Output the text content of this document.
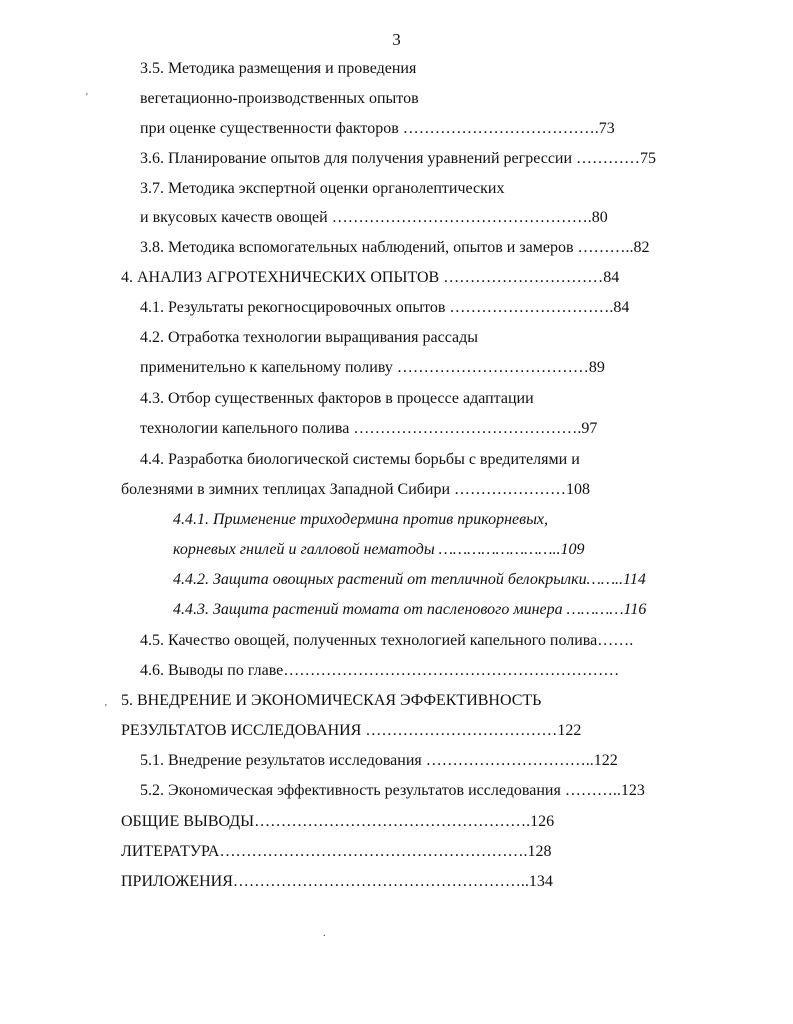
3
'
'
.
3.5. Методика размещения и проведения
вегетационно-производственных опытов
при оценке существенности факторов ……………………………….73
3.6. Планирование опытов для получения уравнений регрессии …………75
3.7. Методика экспертной оценки органолептических
и вкусовых качеств овощей ………………………………………….80
3.8. Методика вспомогательных наблюдений, опытов и замеров ………..82
4. АНАЛИЗ АГРОТЕХНИЧЕСКИХ ОПЫТОВ …………………………84
4.1. Результаты рекогносцировочных опытов ………………………….84
4.2. Отработка технологии выращивания рассады
применительно к капельному поливу ………………………………89
4.3. Отбор существенных факторов в процессе адаптации
технологии капельного полива …………………………………….97
4.4. Разработка биологической системы борьбы с вредителями и
болезнями в зимних теплицах Западной Сибири …………………108
4.4.1. Применение триходермина против прикорневых,
корневых гнилей и галловой нематоды ……………………..109
4.4.2. Защита овощных растений от тепличной белокрылки……..114
4.4.3. Защита растений томата от пасленового минера …………116
4.5. Качество овощей, полученных технологией капельного полива…….
4.6. Выводы по главе………………………………………………………
5. ВНЕДРЕНИЕ И ЭКОНОМИЧЕСКАЯ ЭФФЕКТИВНОСТЬ
РЕЗУЛЬТАТОВ ИССЛЕДОВАНИЯ ………………………………122
5.1. Внедрение результатов исследования …………………………..122
5.2. Экономическая эффективность результатов исследования ………..123
ОБЩИЕ ВЫВОДЫ…………………………………………….126
ЛИТЕРАТУРА………………………………………………….128
ПРИЛОЖЕНИЯ………………………………………………..134
